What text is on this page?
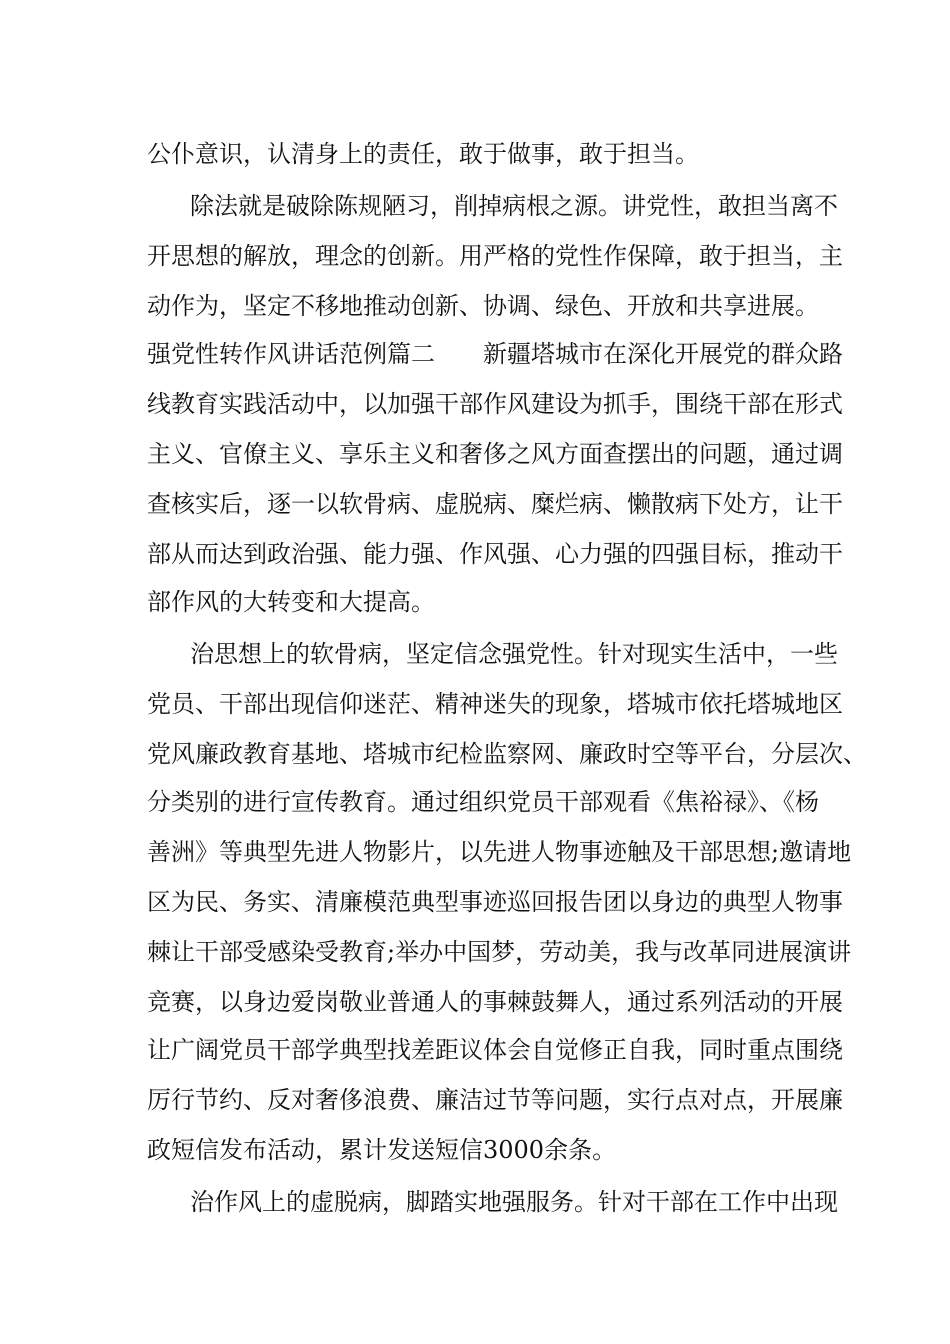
公仆意识，认清身上的责任，敢于做事，敢于担当。

除法就是破除陈规陋习，削掉病根之源。讲党性，敢担当离不

开思想的解放，理念的创新。用严格的党性作保障，敢于担当，主

动作为，坚定不移地推动创新、协调、绿色、开放和共享进展。

强党性转作风讲话范例篇二　　新疆塔城市在深化开展党的群众路

线教育实践活动中，以加强干部作风建设为抓手，围绕干部在形式

主义、官僚主义、享乐主义和奢侈之风方面查摆出的问题，通过调

查核实后，逐一以软骨病、虚脱病、糜烂病、懒散病下处方，让干

部从而达到政治强、能力强、作风强、心力强的四强目标，推动干

部作风的大转变和大提高。

治思想上的软骨病，坚定信念强党性。针对现实生活中，一些

党员、干部出现信仰迷茫、精神迷失的现象，塔城市依托塔城地区

党风廉政教育基地、塔城市纪检监察网、廉政时空等平台，分层次、

分类别的进行宣传教育。通过组织党员干部观看《焦裕禄》、《杨

善洲》等典型先进人物影片，以先进人物事迹触及干部思想;邀请地

区为民、务实、清廉模范典型事迹巡回报告团以身边的典型人物事

棘让干部受感染受教育;举办中国梦，劳动美，我与改革同进展演讲

竞赛，以身边爱岗敬业普通人的事棘鼓舞人，通过系列活动的开展

让广阔党员干部学典型找差距议体会自觉修正自我，同时重点围绕

厉行节约、反对奢侈浪费、廉洁过节等问题，实行点对点，开展廉

政短信发布活动，累计发送短信3000余条。

治作风上的虚脱病，脚踏实地强服务。针对干部在工作中出现
